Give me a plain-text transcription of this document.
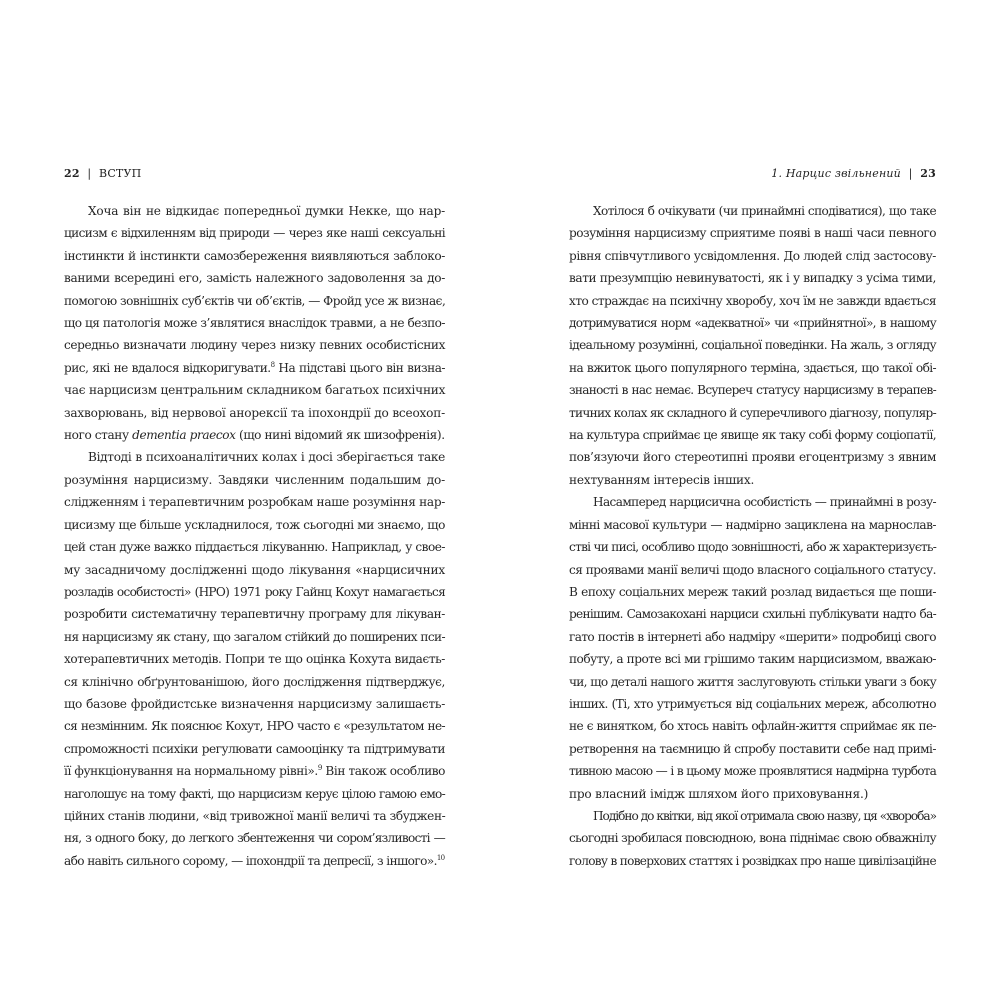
22 | ВСТУП
Хоча він не відкидає попередньої думки Некке, що нар-
цисизм є відхиленням від природи — через яке наші сексуальні
інстинкти й інстинкти самозбереження виявляються заблоко-
ваними всередині его, замість належного задоволення за до-
помогою зовнішніх суб’єктів чи об’єктів, — Фройд усе ж визнає,
що ця патологія може з’являтися внаслідок травми, а не безпо-
середньо визначати людину через низку певних особистісних
рис, які не вдалося відкоригувати.$^8$ На підставі цього він визна-
чає нарцисизм центральним складником багатьох психічних
захворювань, від нервової анорексії та іпохондрії до всеохоп-
ного стану dementia praecox (що нині відомий як шизофренія).
Відтоді в психоаналітичних колах і досі зберігається таке
розуміння нарцисизму. Завдяки численним подальшим до-
слідженням і терапевтичним розробкам наше розуміння нар-
цисизму ще більше ускладнилося, тож сьогодні ми знаємо, що
цей стан дуже важко піддається лікуванню. Наприклад, у свое-
му засадничому дослідженні щодо лікування «нарцисичних
розладів особистості» (НРО) 1971 року Гайнц Кохут намагається
розробити систематичну терапевтичну програму для лікуван-
ня нарцисизму як стану, що загалом стійкий до поширених пси-
хотерапевтичних методів. Попри те що оцінка Кохута видаєть-
ся клінічно обґрунтованішою, його дослідження підтверджує,
що базове фройдистське визначення нарцисизму залишаєть-
ся незмінним. Як пояснює Кохут, НРО часто є «результатом не-
спроможності психіки регулювати самооцінку та підтримувати
її функціонування на нормальному рівні».$^9$ Він також особливо
наголошує на тому факті, що нарцисизм керує цілою гамою емо-
ційних станів людини, «від тривожної манії величі та збуджен-
ня, з одного боку, до легкого збентеження чи сором’язливості —
або навіть сильного сорому, — іпохондрії та депресії, з іншого».$^{10}$
1. Нарцис звільнений | 23
Хотілося б очікувати (чи принаймні сподіватися), що таке
розуміння нарцисизму сприятиме появі в наші часи певного
рівня співчутливого усвідомлення. До людей слід застосову-
вати презумпцію невинуватості, як і у випадку з усіма тими,
хто страждає на психічну хворобу, хоч їм не завжди вдається
дотримуватися норм «адекватної» чи «прийнятної», в нашому
ідеальному розумінні, соціальної поведінки. На жаль, з огляду
на вжиток цього популярного терміна, здається, що такої обі-
знаності в нас немає. Всупереч статусу нарцисизму в терапев-
тичних колах як складного й суперечливого діагнозу, популяр-
на культура сприймає це явище як таку собі форму соціопатії,
пов’язуючи його стереотипні прояви егоцентризму з явним
нехтуванням інтересів інших.
Насамперед нарцисична особистість — принаймні в розу-
мінні масової культури — надмірно зациклена на марнослав-
стві чи писі, особливо щодо зовнішності, або ж характеризуєть-
ся проявами манії величі щодо власного соціального статусу.
В епоху соціальних мереж такий розлад видається ще поши-
ренішим. Самозакохані нарциси схильні публікувати надто ба-
гато постів в інтернеті або надміру «шерити» подробиці свого
побуту, а проте всі ми грішимо таким нарцисизмом, вважаю-
чи, що деталі нашого життя заслуговують стільки уваги з боку
інших. (Ті, хто утримується від соціальних мереж, абсолютно
не є винятком, бо хтось навіть офлайн-життя сприймає як пе-
ретворення на таємницю й спробу поставити себе над примі-
тивною масою — і в цьому може проявлятися надмірна турбота
про власний імідж шляхом його приховування.)
Подібно до квітки, від якої отримала свою назву, ця «хвороба»
сьогодні зробилася повсюдною, вона піднімає свою обважнілу
голову в поверхових статтях і розвідках про наше цивілізаційне
